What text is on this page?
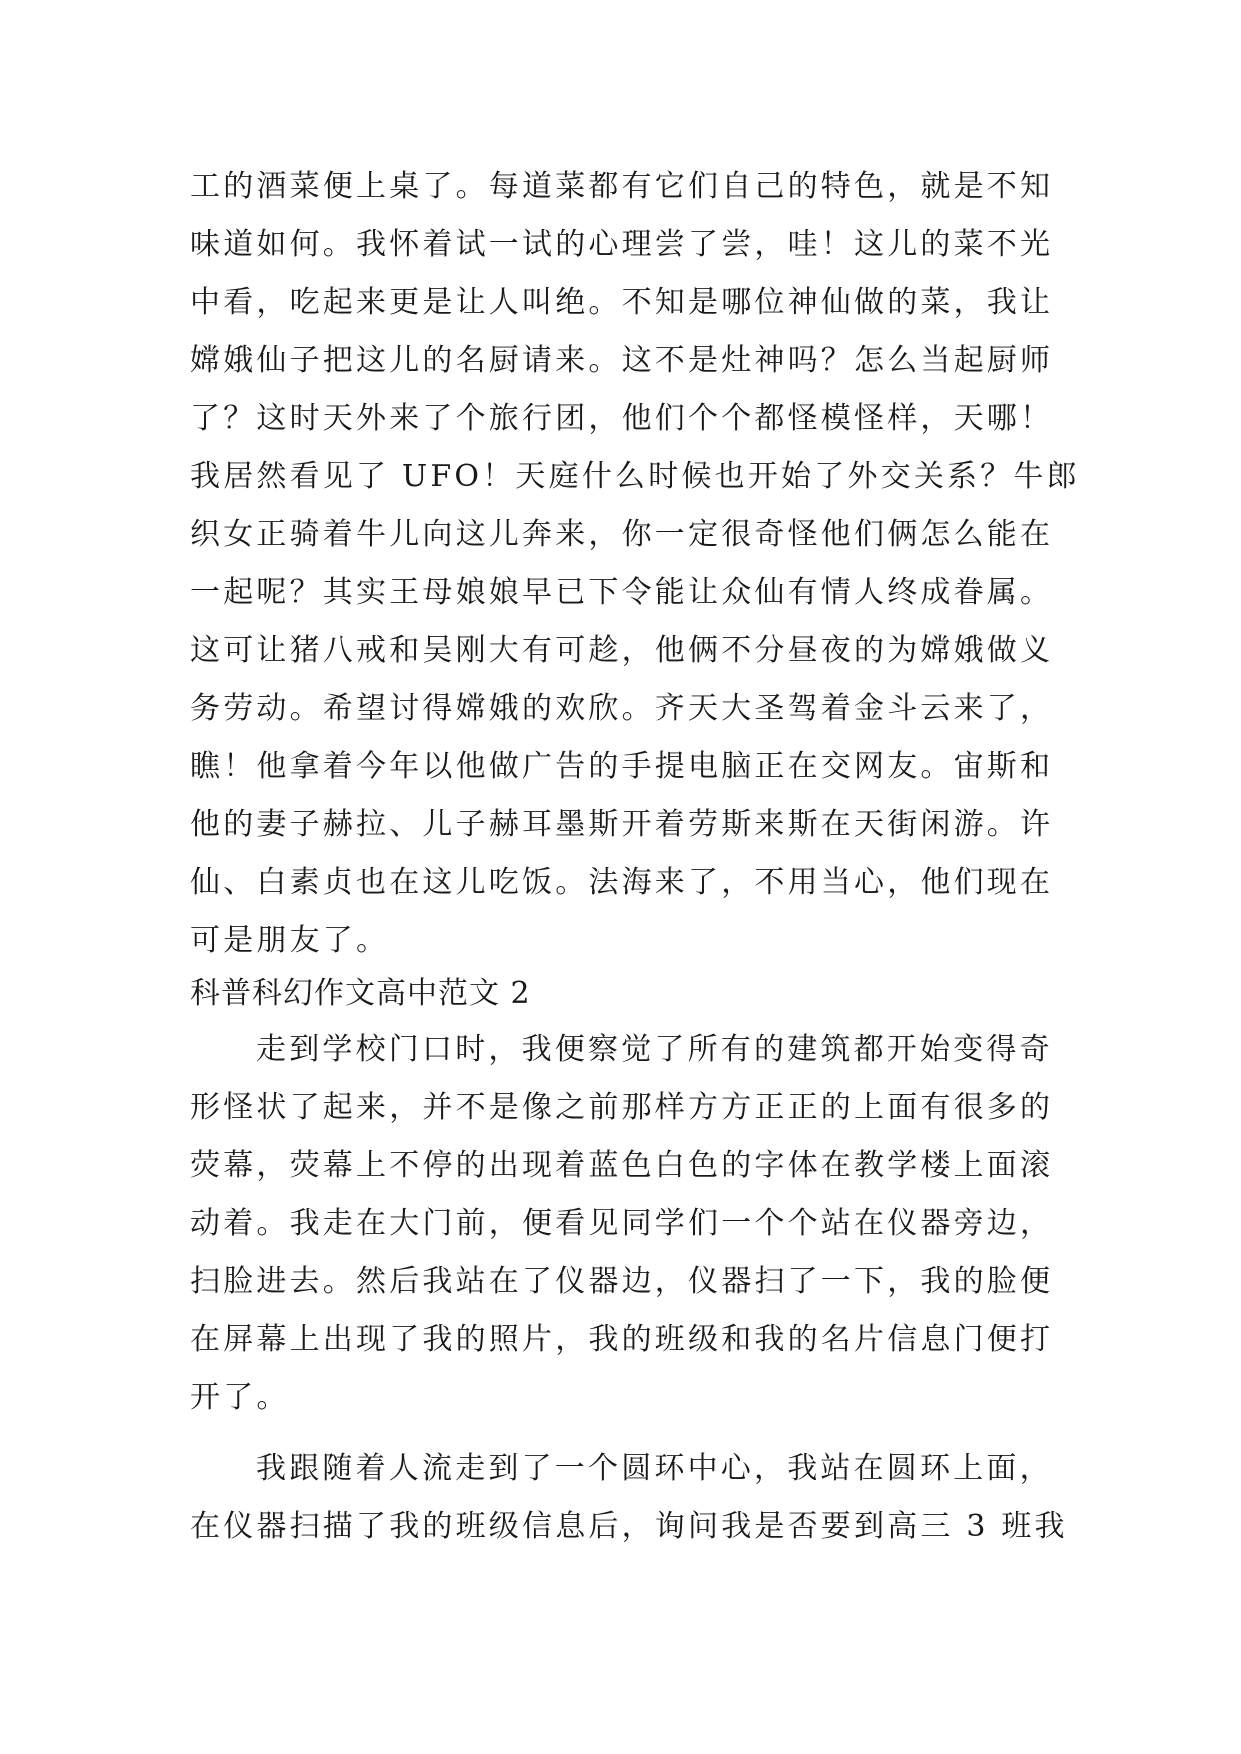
工的酒菜便上桌了。每道菜都有它们自己的特色，就是不知
味道如何。我怀着试一试的心理尝了尝，哇！这儿的菜不光
中看，吃起来更是让人叫绝。不知是哪位神仙做的菜，我让
嫦娥仙子把这儿的名厨请来。这不是灶神吗？怎么当起厨师
了？这时天外来了个旅行团，他们个个都怪模怪样，天哪！
我居然看见了 UFO！天庭什么时候也开始了外交关系？牛郎
织女正骑着牛儿向这儿奔来，你一定很奇怪他们俩怎么能在
一起呢？其实王母娘娘早已下令能让众仙有情人终成眷属。
这可让猪八戒和吴刚大有可趁，他俩不分昼夜的为嫦娥做义
务劳动。希望讨得嫦娥的欢欣。齐天大圣驾着金斗云来了，
瞧！他拿着今年以他做广告的手提电脑正在交网友。宙斯和
他的妻子赫拉、儿子赫耳墨斯开着劳斯来斯在天街闲游。许
仙、白素贞也在这儿吃饭。法海来了，不用当心，他们现在
可是朋友了。
科普科幻作文高中范文 2
走到学校门口时，我便察觉了所有的建筑都开始变得奇
形怪状了起来，并不是像之前那样方方正正的上面有很多的
荧幕，荧幕上不停的出现着蓝色白色的字体在教学楼上面滚
动着。我走在大门前，便看见同学们一个个站在仪器旁边，
扫脸进去。然后我站在了仪器边，仪器扫了一下，我的脸便
在屏幕上出现了我的照片，我的班级和我的名片信息门便打
开了。
我跟随着人流走到了一个圆环中心，我站在圆环上面，
在仪器扫描了我的班级信息后，询问我是否要到高三 3 班我
